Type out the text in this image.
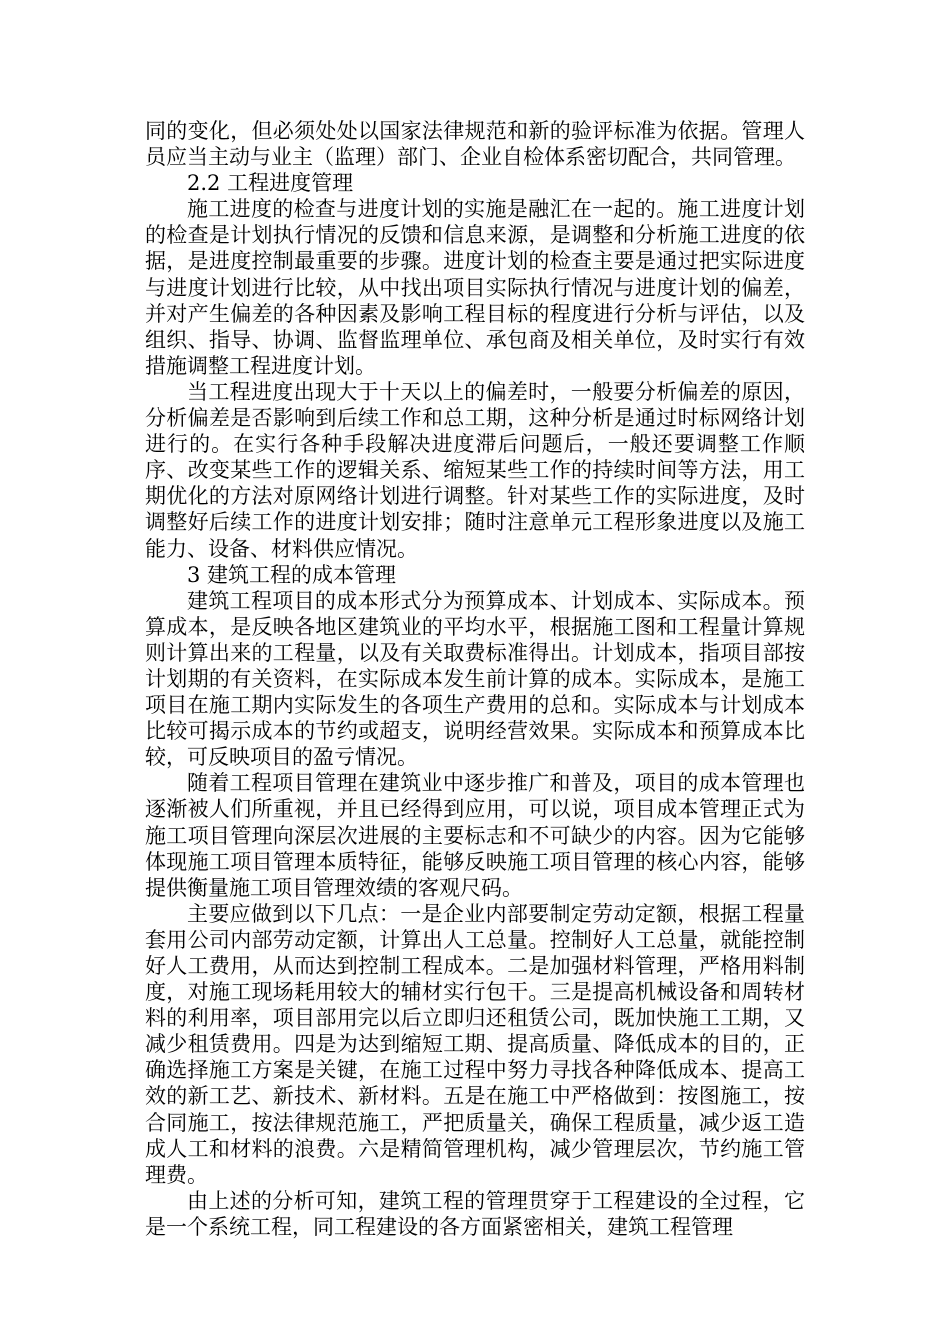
同的变化，但必须处处以国家法律规范和新的验评标准为依据。管理人员应当主动与业主（监理）部门、企业自检体系密切配合，共同管理。

2.2 工程进度管理

施工进度的检查与进度计划的实施是融汇在一起的。施工进度计划的检查是计划执行情况的反馈和信息来源，是调整和分析施工进度的依据，是进度控制最重要的步骤。进度计划的检查主要是通过把实际进度与进度计划进行比较，从中找出项目实际执行情况与进度计划的偏差，并对产生偏差的各种因素及影响工程目标的程度进行分析与评估，以及组织、指导、协调、监督监理单位、承包商及相关单位，及时实行有效措施调整工程进度计划。

当工程进度出现大于十天以上的偏差时，一般要分析偏差的原因，分析偏差是否影响到后续工作和总工期，这种分析是通过时标网络计划进行的。在实行各种手段解决进度滞后问题后，一般还要调整工作顺序、改变某些工作的逻辑关系、缩短某些工作的持续时间等方法，用工期优化的方法对原网络计划进行调整。针对某些工作的实际进度，及时调整好后续工作的进度计划安排；随时注意单元工程形象进度以及施工能力、设备、材料供应情况。

3 建筑工程的成本管理

建筑工程项目的成本形式分为预算成本、计划成本、实际成本。预算成本，是反映各地区建筑业的平均水平，根据施工图和工程量计算规则计算出来的工程量，以及有关取费标准得出。计划成本，指项目部按计划期的有关资料，在实际成本发生前计算的成本。实际成本，是施工项目在施工期内实际发生的各项生产费用的总和。实际成本与计划成本比较可揭示成本的节约或超支，说明经营效果。实际成本和预算成本比较，可反映项目的盈亏情况。

随着工程项目管理在建筑业中逐步推广和普及，项目的成本管理也逐渐被人们所重视，并且已经得到应用，可以说，项目成本管理正式为施工项目管理向深层次进展的主要标志和不可缺少的内容。因为它能够体现施工项目管理本质特征，能够反映施工项目管理的核心内容，能够提供衡量施工项目管理效绩的客观尺码。

主要应做到以下几点：一是企业内部要制定劳动定额，根据工程量套用公司内部劳动定额，计算出人工总量。控制好人工总量，就能控制好人工费用，从而达到控制工程成本。二是加强材料管理，严格用料制度，对施工现场耗用较大的辅材实行包干。三是提高机械设备和周转材料的利用率，项目部用完以后立即归还租赁公司，既加快施工工期，又减少租赁费用。四是为达到缩短工期、提高质量、降低成本的目的，正确选择施工方案是关键，在施工过程中努力寻找各种降低成本、提高工效的新工艺、新技术、新材料。五是在施工中严格做到：按图施工，按合同施工，按法律规范施工，严把质量关，确保工程质量，减少返工造成人工和材料的浪费。六是精简管理机构，减少管理层次，节约施工管理费。

由上述的分析可知，建筑工程的管理贯穿于工程建设的全过程，它是一个系统工程，同工程建设的各方面紧密相关，建筑工程管理
